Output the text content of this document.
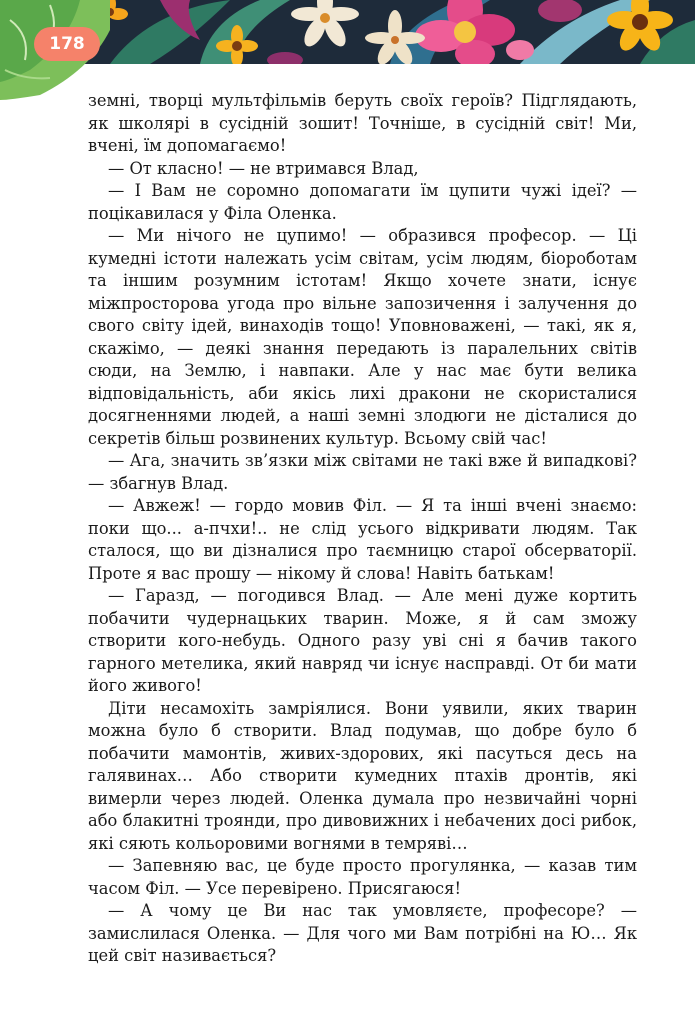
178

земні, творці мультфільмів беруть своїх героїв? Підглядають, як школярі в сусідній зошит! Точніше, в сусідній світ! Ми, вчені, їм допомагаємо!

— От класно! — не втримався Влад,

— І Вам не соромно допомагати їм цупити чужі ідеї? — поцікавилася у Філа Оленка.

— Ми нічого не цупимо! — образився професор. — Ці кумедні істоти належать усім світам, усім людям, біороботам та іншим розумним істотам! Якщо хочете знати, існує міжпросторова угода про вільне запозичення і залучення до свого світу ідей, винаходів тощо! Уповноважені, — такі, як я, скажімо, — деякі знання передають із паралельних світів сюди, на Землю, і навпаки. Але у нас має бути велика відповідальність, аби якісь лихі дракони не скористалися досягненнями людей, а наші земні злодюги не дісталися до секретів більш розвинених культур. Всьому свій час!

— Ага, значить зв’язки між світами не такі вже й випадкові? — збагнув Влад.

— Авжеж! — гордо мовив Філ. — Я та інші вчені знаємо: поки що... а-пчхи!.. не слід усього відкривати людям. Так сталося, що ви дізналися про таємницю старої обсерваторії. Проте я вас прошу — нікому й слова! Навіть батькам!

— Гаразд, — погодився Влад. — Але мені дуже кортить побачити чудернацьких тварин. Може, я й сам зможу створити кого-небудь. Одного разу уві сні я бачив такого гарного метелика, який навряд чи існує насправді. От би мати його живого!

Діти несамохіть замріялися. Вони уявили, яких тварин можна було б створити. Влад подумав, що добре було б побачити мамонтів, живих-здорових, які пасуться десь на галявинах… Або створити кумедних птахів дронтів, які вимерли через людей. Оленка думала про незвичайні чорні або блакитні троянди, про дивовижних і небачених досі рибок, які сяють кольоровими вогнями в темряві…

— Запевняю вас, це буде просто прогулянка, — казав тим часом Філ. — Усе перевірено. Присягаюся!

— А чому це Ви нас так умовляєте, професоре? — замислилася Оленка. — Для чого ми Вам потрібні на Ю… Як цей світ називається?
